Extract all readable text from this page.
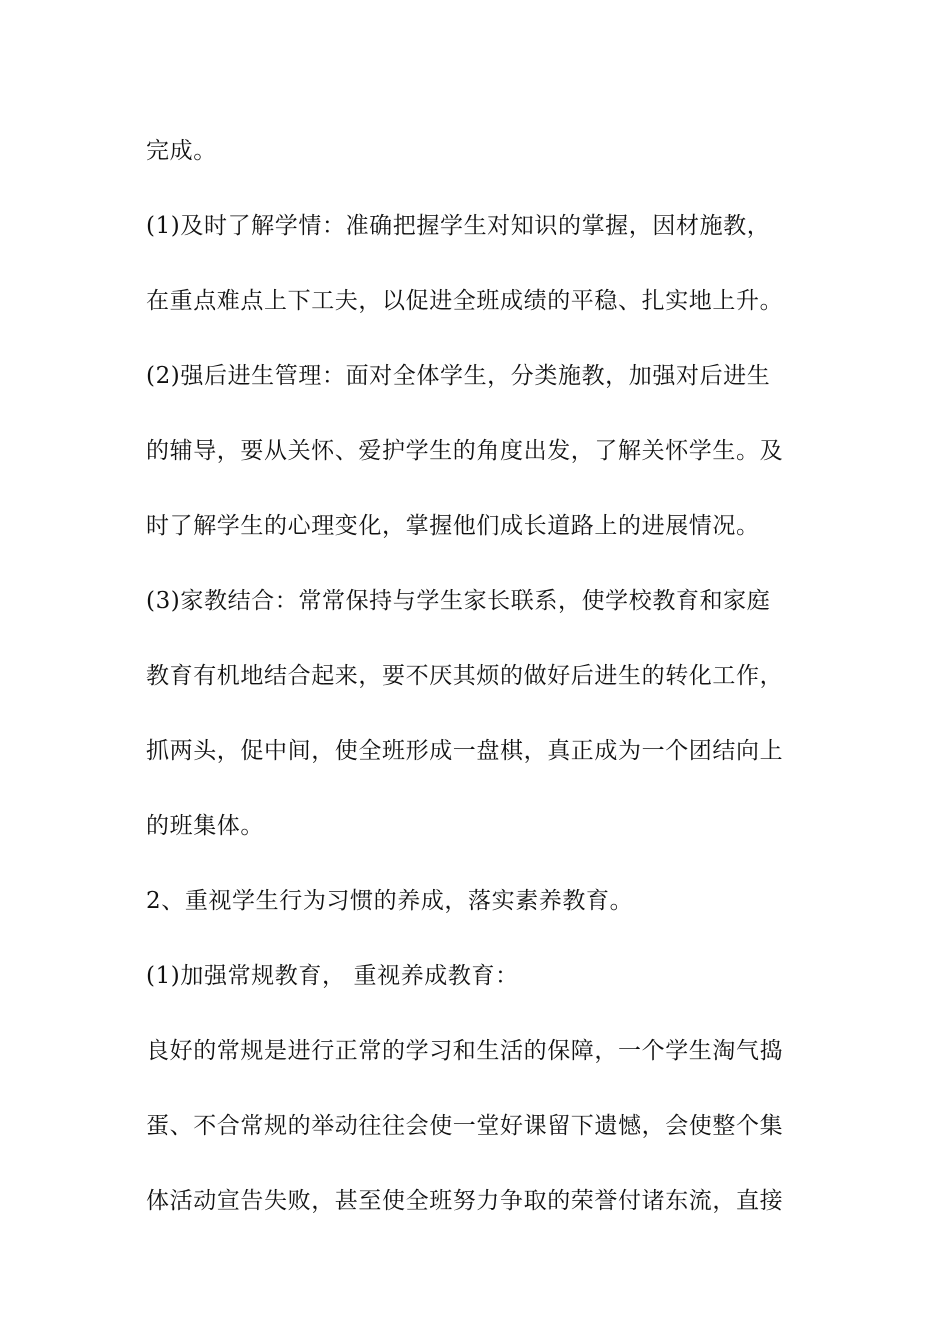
完成。
(1)及时了解学情：准确把握学生对知识的掌握，因材施教，
在重点难点上下工夫，以促进全班成绩的平稳、扎实地上升。
(2)强后进生管理：面对全体学生，分类施教，加强对后进生
的辅导，要从关怀、爱护学生的角度出发，了解关怀学生。及
时了解学生的心理变化，掌握他们成长道路上的进展情况。
(3)家教结合：常常保持与学生家长联系，使学校教育和家庭
教育有机地结合起来，要不厌其烦的做好后进生的转化工作，
抓两头，促中间，使全班形成一盘棋，真正成为一个团结向上
的班集体。
2、重视学生行为习惯的养成，落实素养教育。
(1)加强常规教育， 重视养成教育：
良好的常规是进行正常的学习和生活的保障，一个学生淘气捣
蛋、不合常规的举动往往会使一堂好课留下遗憾，会使整个集
体活动宣告失败，甚至使全班努力争取的荣誉付诸东流，直接
